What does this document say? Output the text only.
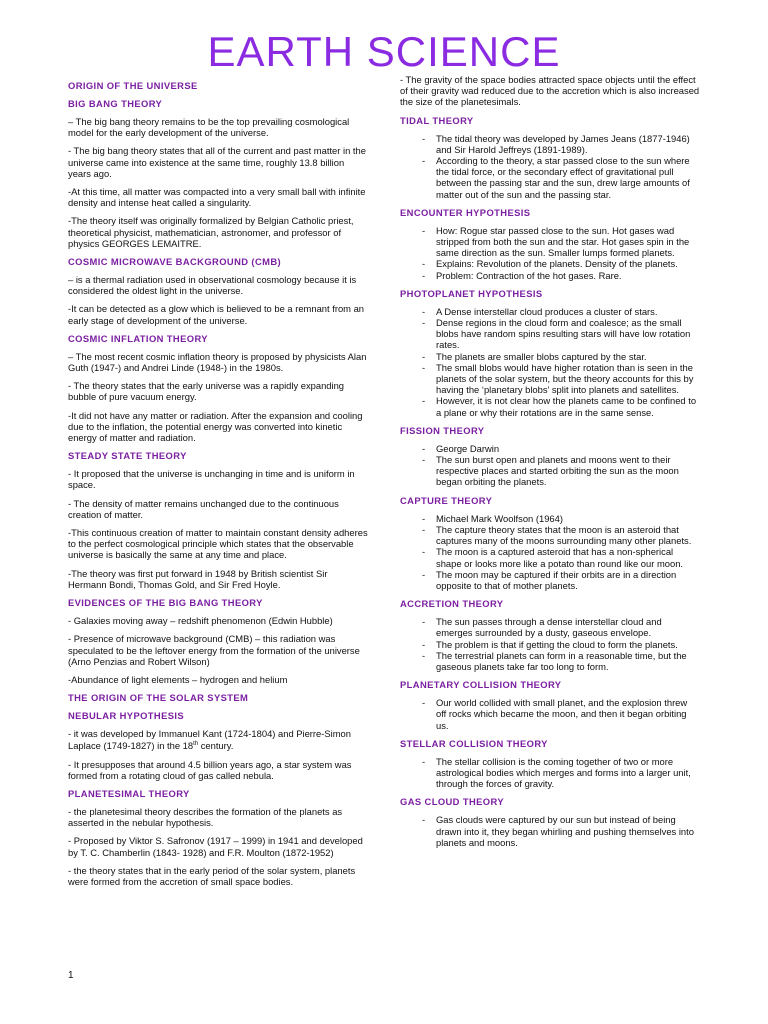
EARTH SCIENCE
ORIGIN OF THE UNIVERSE
BIG BANG THEORY

– The big bang theory remains to be the top prevailing cosmological model for the early development of the universe.

- The big bang theory states that all of the current and past matter in the universe came into existence at the same time, roughly 13.8 billion years ago.

-At this time, all matter was compacted into a very small ball with infinite density and intense heat called a singularity.

-The theory itself was originally formalized by Belgian Catholic priest, theoretical physicist, mathematician, astronomer, and professor of physics GEORGES LEMAITRE.

COSMIC MICROWAVE BACKGROUND (CMB)

– is a thermal radiation used in observational cosmology because it is considered the oldest light in the universe.

-It can be detected as a glow which is believed to be a remnant from an early stage of development of the universe.

COSMIC INFLATION THEORY

– The most recent cosmic inflation theory is proposed by physicists Alan Guth (1947-) and Andrei Linde (1948-) in the 1980s.

- The theory states that the early universe was a rapidly expanding bubble of pure vacuum energy.

-It did not have any matter or radiation. After the expansion and cooling due to the inflation, the potential energy was converted into kinetic energy of matter and radiation.

STEADY STATE THEORY

- It proposed that the universe is unchanging in time and is uniform in space.

- The density of matter remains unchanged due to the continuous creation of matter.

-This continuous creation of matter to maintain constant density adheres to the perfect cosmological principle which states that the observable universe is basically the same at any time and place.

-The theory was first put forward in 1948 by British scientist Sir Hermann Bondi, Thomas Gold, and Sir Fred Hoyle.

EVIDENCES OF THE BIG BANG THEORY

- Galaxies moving away – redshift phenomenon (Edwin Hubble)

- Presence of microwave background (CMB) – this radiation was speculated to be the leftover energy from the formation of the universe (Arno Penzias and Robert Wilson)

-Abundance of light elements – hydrogen and helium

THE ORIGIN OF THE SOLAR SYSTEM
NEBULAR HYPOTHESIS

- it was developed by Immanuel Kant (1724-1804) and Pierre-Simon Laplace (1749-1827) in the 18th century.

- It presupposes that around 4.5 billion years ago, a star system was formed from a rotating cloud of gas called nebula.

PLANETESIMAL THEORY

- the planetesimal theory describes the formation of the planets as asserted in the nebular hypothesis.

- Proposed by Viktor S. Safronov (1917 – 1999) in 1941 and developed by T. C. Chamberlin (1843- 1928) and F.R. Moulton (1872-1952)

- the theory states that in the early period of the solar system, planets were formed from the accretion of small space bodies.

- The gravity of the space bodies attracted space objects until the effect of their gravity wad reduced due to the accretion which is also increased the size of the planetesimals.

TIDAL THEORY
- The tidal theory was developed by James Jeans (1877-1946) and Sir Harold Jeffreys (1891-1989).
- According to the theory, a star passed close to the sun where the tidal force, or the secondary effect of gravitational pull between the passing star and the sun, drew large amounts of matter out of the sun and the passing star.
ENCOUNTER HYPOTHESIS
- How: Rogue star passed close to the sun. Hot gases wad stripped from both the sun and the star. Hot gases spin in the same direction as the sun. Smaller lumps formed planets.
- Explains: Revolution of the planets. Density of the planets.
- Problem: Contraction of the hot gases. Rare.
PHOTOPLANET HYPOTHESIS
- A Dense interstellar cloud produces a cluster of stars.
- Dense regions in the cloud form and coalesce; as the small blobs have random spins resulting stars will have low rotation rates.
- The planets are smaller blobs captured by the star.
- The small blobs would have higher rotation than is seen in the planets of the solar system, but the theory accounts for this by having the ‘planetary blobs’ split into planets and satellites.
- However, it is not clear how the planets came to be confined to a plane or why their rotations are in the same sense.
FISSION THEORY
- George Darwin
- The sun burst open and planets and moons went to their respective places and started orbiting the sun as the moon began orbiting the planets.
CAPTURE THEORY
- Michael Mark Woolfson (1964)
- The capture theory states that the moon is an asteroid that captures many of the moons surrounding many other planets.
- The moon is a captured asteroid that has a non-spherical shape or looks more like a potato than round like our moon.
- The moon may be captured if their orbits are in a direction opposite to that of mother planets.
ACCRETION THEORY
- The sun passes through a dense interstellar cloud and emerges surrounded by a dusty, gaseous envelope.
- The problem is that if getting the cloud to form the planets.
- The terrestrial planets can form in a reasonable time, but the gaseous planets take far too long to form.
PLANETARY COLLISION THEORY
- Our world collided with small planet, and the explosion threw off rocks which became the moon, and then it began orbiting us.
STELLAR COLLISION THEORY
- The stellar collision is the coming together of two or more astrological bodies which merges and forms into a larger unit, through the forces of gravity.
GAS CLOUD THEORY
- Gas clouds were captured by our sun but instead of being drawn into it, they began whirling and pushing themselves into planets and moons.
1
